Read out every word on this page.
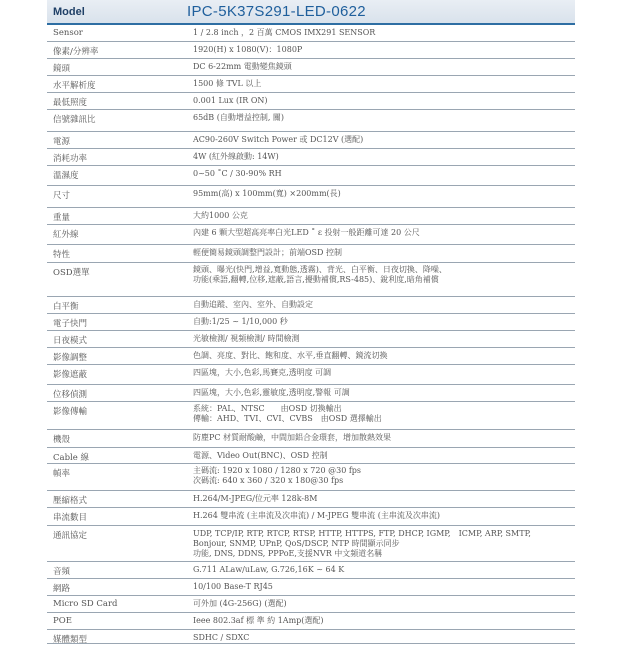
Model	IPC-5K37S291-LED-0622
Sensor	1 / 2.8 inch ，2 百萬 CMOS IMX291 SENSOR
像素/分辨率	1920(H) x 1080(V)：1080P
鏡頭	DC 6-22mm 電動變焦鏡頭
水平解析度	1500 條 TVL 以上
最低照度	0.001 Lux (IR ON)
信號雜訊比	65dB (自動增益控制, 關)
電源	AC90-260V Switch Power 或 DC12V (選配)
消耗功率	4W (紅外線啟動: 14W)
溫濕度	0~50 ˚C / 30-90% RH
尺寸	95mm(高) x 100mm(寬) ×200mm(長)
重量	大約1000 公克
紅外線	內建 6 顆大型超高亮率白光LED ˚ ε 投射一般距離可達 20 公尺
特性	輕便簡易鏡頭調整門設計；前端OSD 控制
OSD選單	鏡頭、曝光(快門,增益,寬動態,透霧)、背光、白平衡、日夜切換、降噪、
功能(乘語,翻轉,位移,遮蔽,語言,擾動補償,RS-485)、銳利度,暗角補償
白平衡	自動追蹤、室內、室外、自動設定
電子快門	自動:1/25 ~ 1/10,000 秒
日夜模式	光敏檢測/ 視頻檢測/ 時間檢測
影像調整	色調、亮度、對比、飽和度、水平,垂直翻轉、鏡流切換
影像遮蔽	四區塊，大小,色彩,馬賽克,透明度 可調
位移偵測	四區塊，大小,色彩,靈敏度,透明度,警報 可調
影像傳輸	系統：PAL、NTSC　　由OSD 切換輸出
傳輸：AHD、TVI、CVI、CVBS　由OSD 選擇輸出
機殼	防塵PC 材質耐酸鹼，中間加鋁合金環套，增加散熱效果
Cable 線	電源、Video Out(BNC)、OSD 控制
幀率	主碼流: 1920 x 1080 / 1280 x 720 @30 fps
次碼流: 640 x 360 / 320 x 180@30 fps
壓縮格式	H.264/M-JPEG/位元率 128k-8M
串流數目	H.264 雙串流 (主串流及次串流) / M-JPEG 雙串流 (主串流及次串流)
通訊協定	UDP, TCP/IP, RTP, RTCP, RTSP, HTTP, HTTPS, FTP, DHCP, IGMP,　ICMP, ARP, SMTP,
Bonjour, SNMP, UPnP, QoS/DSCP, NTP 時間顯示同步
功能, DNS, DDNS, PPPoE,支援NVR 中文頻道名稱
音頻	G.711 ALaw/uLaw, G.726,16K ~ 64 K
網路	10/100 Base-T RJ45
Micro SD Card	可外加 (4G-256G) (選配)
POE	Ieee 802.3af 標 準 約 1Amp(選配)
媒體類型	SDHC / SDXC
